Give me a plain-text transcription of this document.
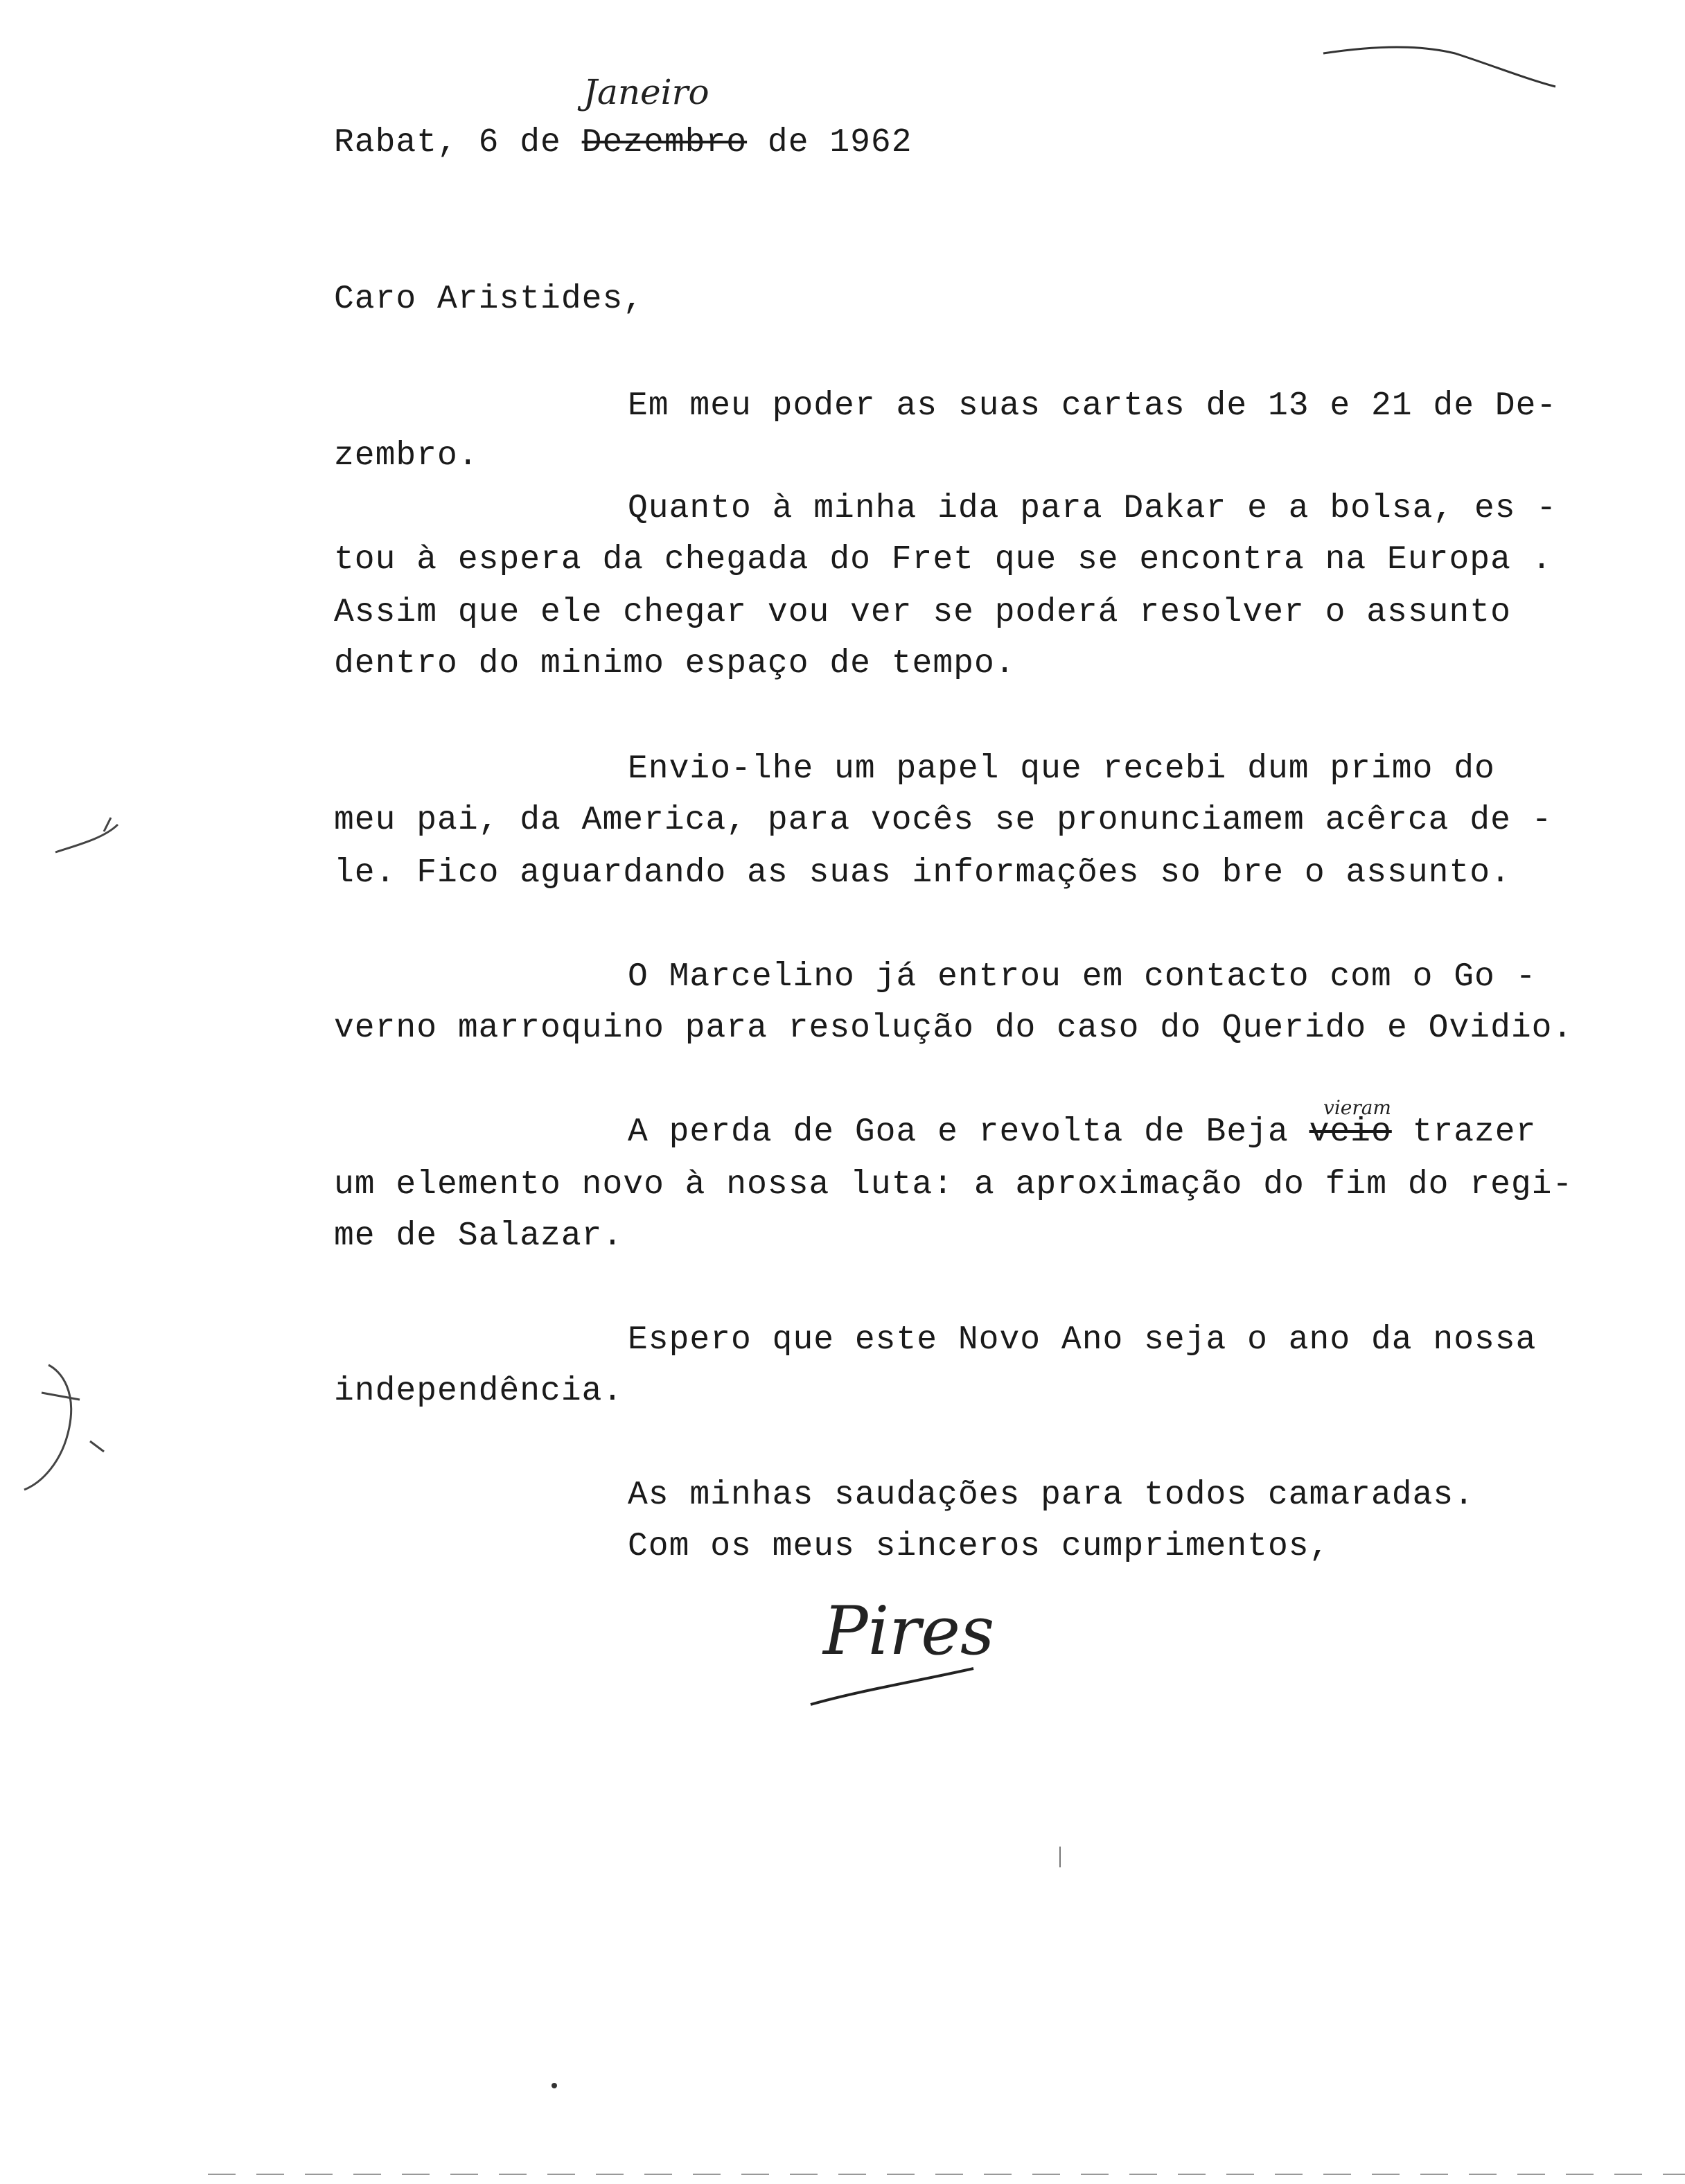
Rabat, 6 de Dezembro de 1962
Janeiro
Caro Aristides,
Em meu poder as suas cartas de 13 e 21 de De-
zembro.
Quanto à minha ida para Dakar e a bolsa, es -
tou à espera da chegada do Fret que se encontra na Europa .
Assim que ele chegar vou ver se poderá resolver o assunto
dentro do minimo espaço de tempo.
Envio-lhe um papel que recebi dum primo do
meu pai, da America, para vocês se pronunciamem acêrca de -
le. Fico aguardando as suas informações so bre o assunto.
O Marcelino já entrou em contacto com o Go -
verno marroquino para resolução do caso do Querido e Ovidio.
A perda de Goa e revolta de Beja veio trazer
vieram
um elemento novo à nossa luta: a aproximação do fim do regi-
me de Salazar.
Espero que este Novo Ano seja o ano da nossa
independência.
As minhas saudações para todos camaradas.
Com os meus sinceros cumprimentos,
Pires
